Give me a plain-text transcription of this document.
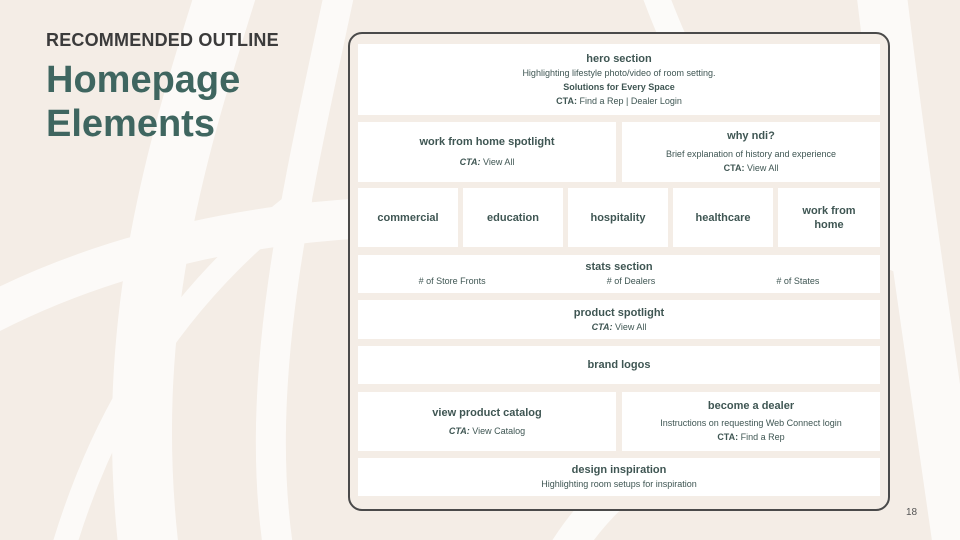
RECOMMENDED OUTLINE
Homepage Elements
hero section
Highlighting lifestyle photo/video of room setting.
Solutions for Every Space
CTA: Find a Rep | Dealer Login
work from home spotlight
CTA: View All
why ndi?
Brief explanation of history and experience
CTA: View All
commercial	education	hospitality	healthcare
work from home
stats section
# of Store Fronts	# of Dealers	# of States
product spotlight
CTA: View All
brand logos
view product catalog
CTA: View Catalog
become a dealer
Instructions on requesting Web Connect login
CTA: Find a Rep
design inspiration
Highlighting room setups for inspiration
18
